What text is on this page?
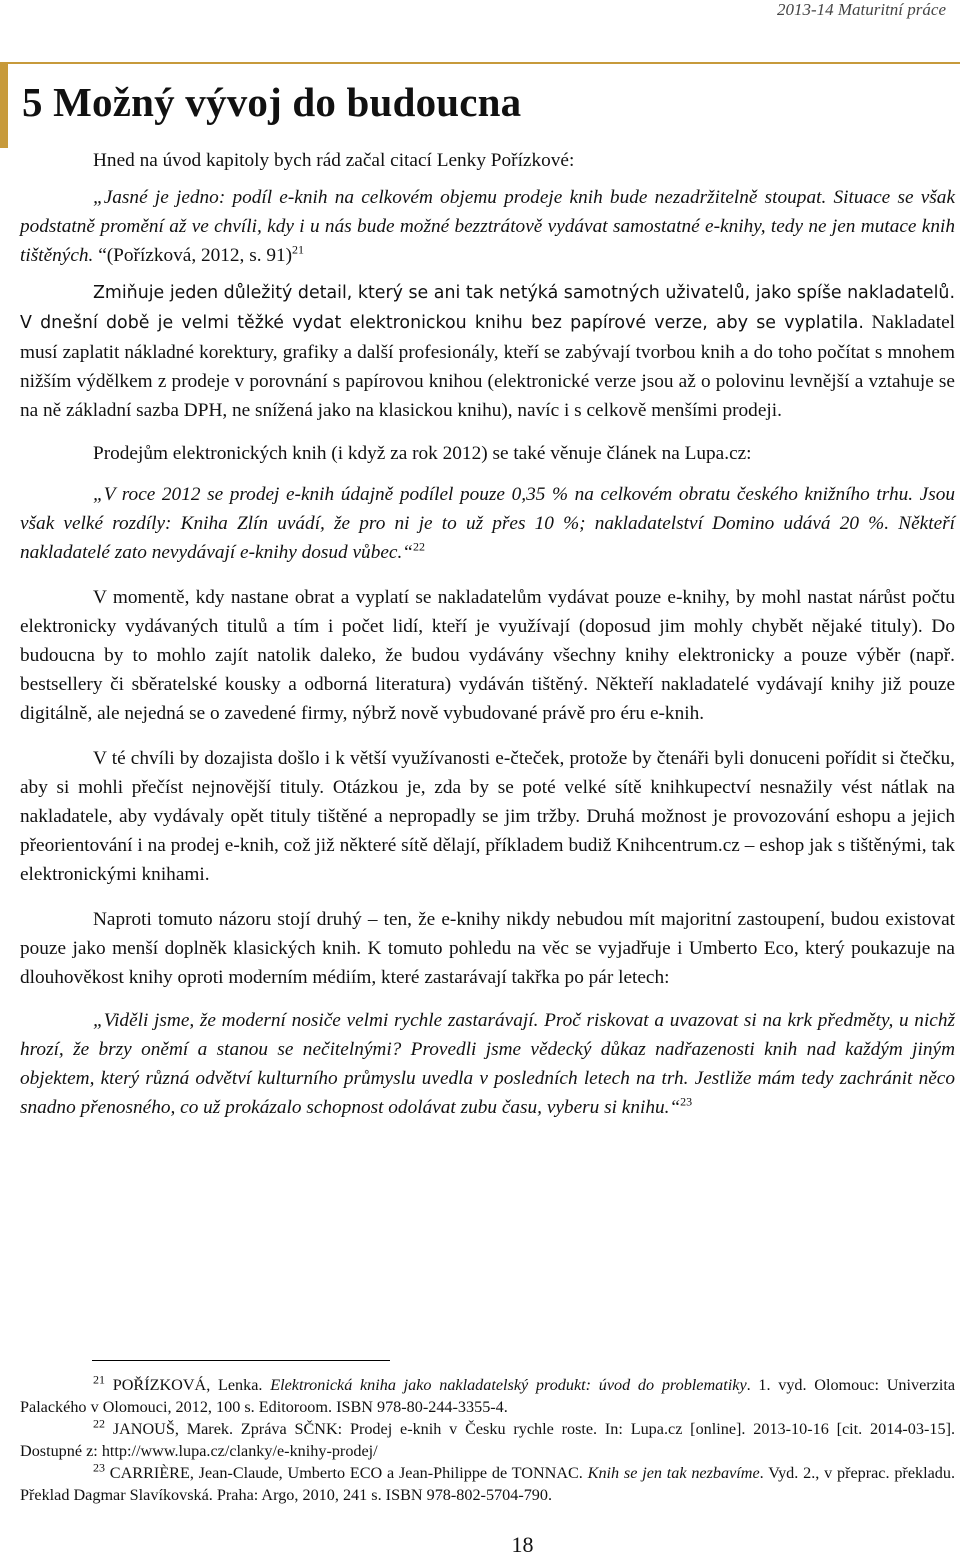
2013-14 Maturitní práce
5 Možný vývoj do budoucna

Hned na úvod kapitoly bych rád začal citací Lenky Pořízkové:

„Jasné je jedno: podíl e-knih na celkovém objemu prodeje knih bude nezadržitelně stoupat. Situace se však podstatně promění až ve chvíli, kdy i u nás bude možné bezztrátově vydávat samostatné e-knihy, tedy ne jen mutace knih tištěných. “(Pořízková, 2012, s. 91)$^{21}$

Zmiňuje jeden důležitý detail, který se ani tak netýká samotných uživatelů, jako spíše nakladatelů. V dnešní době je velmi těžké vydat elektronickou knihu bez papírové verze, aby se vyplatila. Nakladatel musí zaplatit nákladné korektury, grafiky a další profesionály, kteří se zabývají tvorbou knih a do toho počítat s mnohem nižším výdělkem z prodeje v porovnání s papírovou knihou (elektronické verze jsou až o polovinu levnější a vztahuje se na ně základní sazba DPH, ne snížená jako na klasickou knihu), navíc i s celkově menšími prodeji.

Prodejům elektronických knih (i když za rok 2012) se také věnuje článek na Lupa.cz:

„V roce 2012 se prodej e-knih údajně podílel pouze 0,35 % na celkovém obratu českého knižního trhu. Jsou však velké rozdíly: Kniha Zlín uvádí, že pro ni je to už přes 10 %; nakladatelství Domino udává 20 %. Někteří nakladatelé zato nevydávají e-knihy dosud vůbec.“$^{22}$

V momentě, kdy nastane obrat a vyplatí se nakladatelům vydávat pouze e-knihy, by mohl nastat nárůst počtu elektronicky vydávaných titulů a tím i počet lidí, kteří je využívají (doposud jim mohly chybět nějaké tituly). Do budoucna by to mohlo zajít natolik daleko, že budou vydávány všechny knihy elektronicky a pouze výběr (např. bestsellery či sběratelské kousky a odborná literatura) vydáván tištěný. Někteří nakladatelé vydávají knihy již pouze digitálně, ale nejedná se o zavedené firmy, nýbrž nově vybudované právě pro éru e-knih.

V té chvíli by dozajista došlo i k větší využívanosti e-čteček, protože by čtenáři byli donuceni pořídit si čtečku, aby si mohli přečíst nejnovější tituly. Otázkou je, zda by se poté velké sítě knihkupectví nesnažily vést nátlak na nakladatele, aby vydávaly opět tituly tištěné a nepropadly se jim tržby. Druhá možnost je provozování eshopu a jejich přeorientování i na prodej e-knih, což již některé sítě dělají, příkladem budiž Knihcentrum.cz – eshop jak s tištěnými, tak elektronickými knihami.

Naproti tomuto názoru stojí druhý – ten, že e-knihy nikdy nebudou mít majoritní zastoupení, budou existovat pouze jako menší doplněk klasických knih. K tomuto pohledu na věc se vyjadřuje i Umberto Eco, který poukazuje na dlouhověkost knihy oproti moderním médiím, které zastarávají takřka po pár letech:

„Viděli jsme, že moderní nosiče velmi rychle zastarávají. Proč riskovat a uvazovat si na krk předměty, u nichž hrozí, že brzy oněmí a stanou se nečitelnými? Provedli jsme vědecký důkaz nadřazenosti knih nad každým jiným objektem, který různá odvětví kulturního průmyslu uvedla v posledních letech na trh. Jestliže mám tedy zachránit něco snadno přenosného, co už prokázalo schopnost odolávat zubu času, vyberu si knihu.“$^{23}$

$^{21}$ POŘÍZKOVÁ, Lenka. Elektronická kniha jako nakladatelský produkt: úvod do problematiky. 1. vyd. Olomouc: Univerzita Palackého v Olomouci, 2012, 100 s. Editoroom. ISBN 978-80-244-3355-4.

$^{22}$ JANOUŠ, Marek. Zpráva SČNK: Prodej e-knih v Česku rychle roste. In: Lupa.cz [online]. 2013-10-16 [cit. 2014-03-15]. Dostupné z: http://www.lupa.cz/clanky/e-knihy-prodej/

$^{23}$ CARRIÈRE, Jean-Claude, Umberto ECO a Jean-Philippe de TONNAC. Knih se jen tak nezbavíme. Vyd. 2., v přeprac. překladu. Překlad Dagmar Slavíkovská. Praha: Argo, 2010, 241 s. ISBN 978-802-5704-790.

18
